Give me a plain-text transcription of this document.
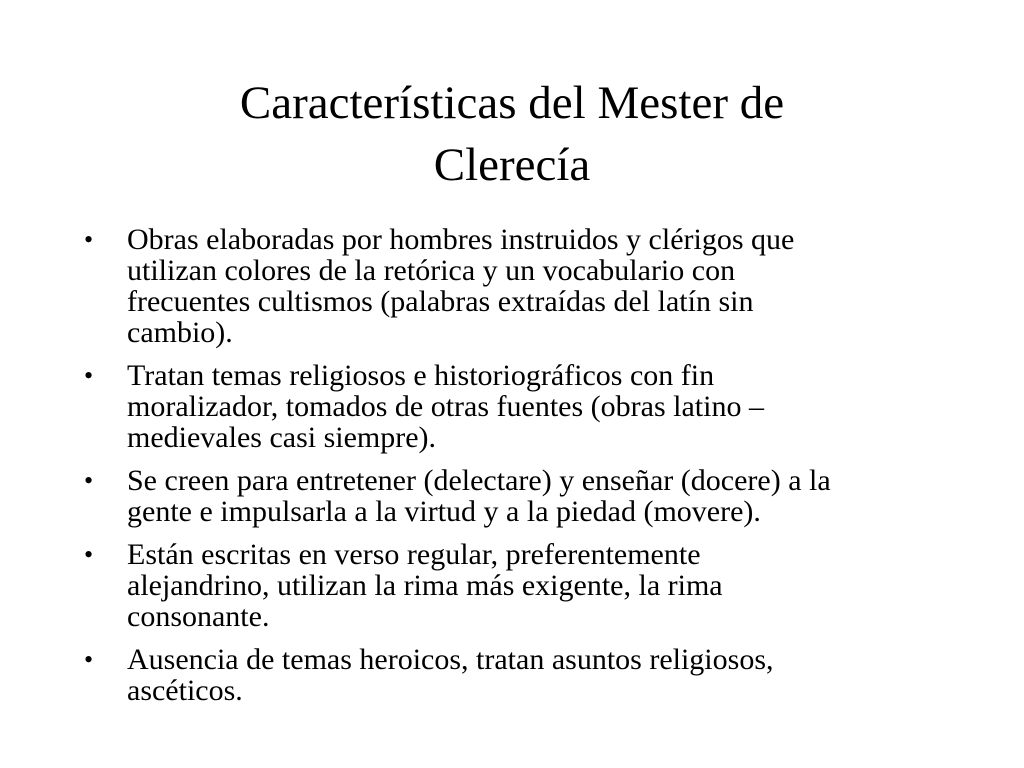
Características del Mester de
Clerecía
• Obras elaboradas por hombres instruidos y clérigos que
utilizan colores de la retórica y un vocabulario con
frecuentes cultismos (palabras extraídas del latín sin
cambio).
• Tratan temas religiosos e historiográficos con fin
moralizador, tomados de otras fuentes (obras latino –
medievales casi siempre).
• Se creen para entretener (delectare) y enseñar (docere) a la
gente e impulsarla a la virtud y a la piedad (movere).
• Están escritas en verso regular, preferentemente
alejandrino, utilizan la rima más exigente, la rima
consonante.
• Ausencia de temas heroicos, tratan asuntos religiosos,
ascéticos.
